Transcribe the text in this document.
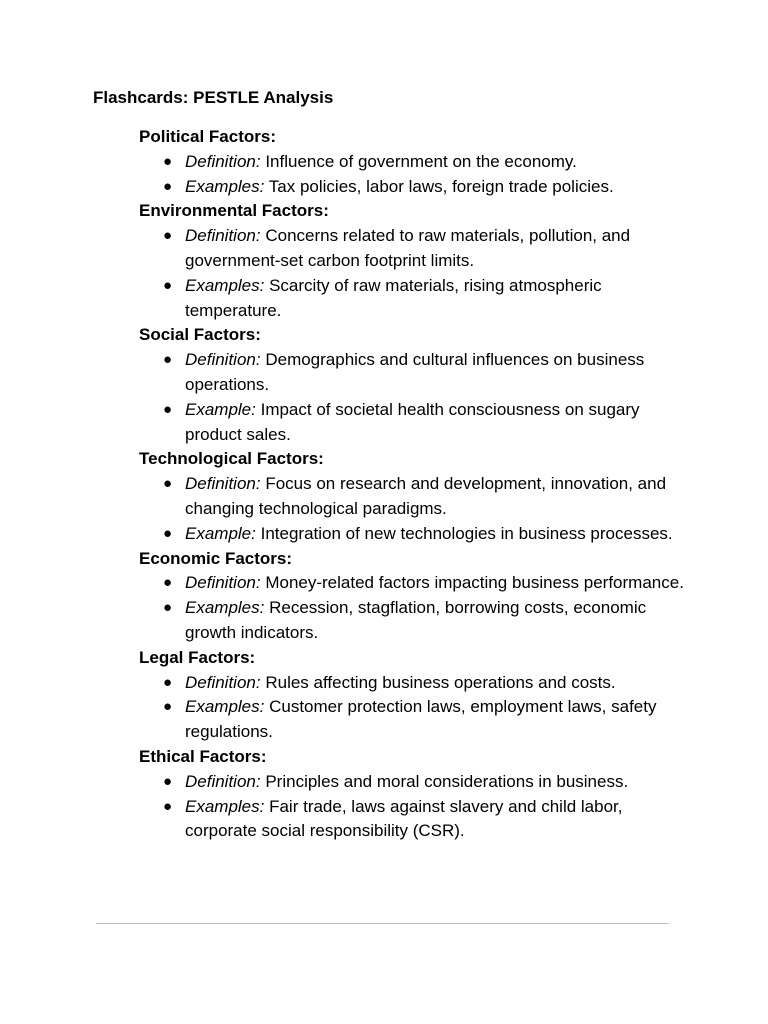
Flashcards: PESTLE Analysis

Political Factors:

● Definition: Influence of government on the economy.
● Examples: Tax policies, labor laws, foreign trade policies.

Environmental Factors:

● Definition: Concerns related to raw materials, pollution, and government-set carbon footprint limits.
● Examples: Scarcity of raw materials, rising atmospheric temperature.

Social Factors:

● Definition: Demographics and cultural influences on business operations.
● Example: Impact of societal health consciousness on sugary product sales.

Technological Factors:

● Definition: Focus on research and development, innovation, and changing technological paradigms.
● Example: Integration of new technologies in business processes.

Economic Factors:

● Definition: Money-related factors impacting business performance.
● Examples: Recession, stagflation, borrowing costs, economic growth indicators.

Legal Factors:

● Definition: Rules affecting business operations and costs.
● Examples: Customer protection laws, employment laws, safety regulations.

Ethical Factors:

● Definition: Principles and moral considerations in business.
● Examples: Fair trade, laws against slavery and child labor, corporate social responsibility (CSR).
